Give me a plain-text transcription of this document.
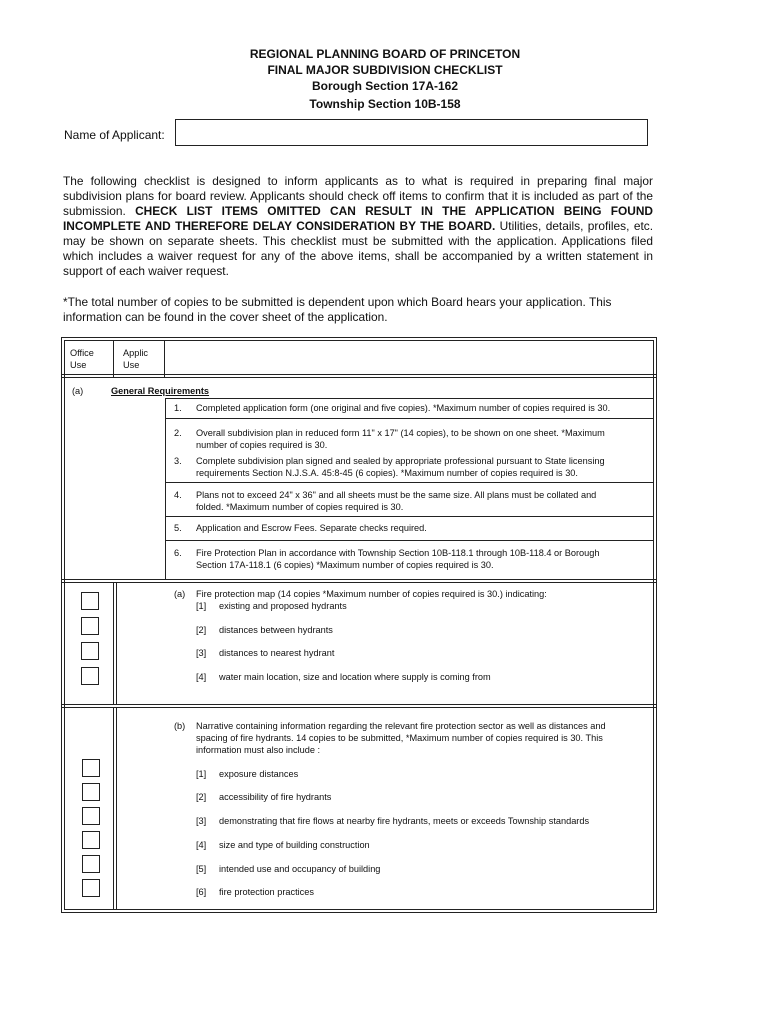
REGIONAL PLANNING BOARD OF PRINCETON
FINAL MAJOR SUBDIVISION CHECKLIST
Borough Section 17A-162
Township Section 10B-158
Name of Applicant:
The following checklist is designed to inform applicants as to what is required in preparing final major subdivision plans for board review. Applicants should check off items to confirm that it is included as part of the submission. CHECK LIST ITEMS OMITTED CAN RESULT IN THE APPLICATION BEING FOUND INCOMPLETE AND THEREFORE DELAY CONSIDERATION BY THE BOARD. Utilities, details, profiles, etc. may be shown on separate sheets. This checklist must be submitted with the application. Applications filed which includes a waiver request for any of the above items, shall be accompanied by a written statement in support of each waiver request.
*The total number of copies to be submitted is dependent upon which Board hears your application. This information can be found in the cover sheet of the application.
Office
Use
Applic
Use
(a)	General Requirements
1. Completed application form (one original and five copies). *Maximum number of copies required is 30.
2. Overall subdivision plan in reduced form 11" x 17" (14 copies), to be shown on one sheet. *Maximum
number of copies required is 30.
3. Complete subdivision plan signed and sealed by appropriate professional pursuant to State licensing
requirements Section N.J.S.A. 45:8-45 (6 copies). *Maximum number of copies required is 30.
4. Plans not to exceed 24" x 36" and all sheets must be the same size. All plans must be collated and
folded. *Maximum number of copies required is 30.
5. Application and Escrow Fees. Separate checks required.
6. Fire Protection Plan in accordance with Township Section 10B-118.1 through 10B-118.4 or Borough
Section 17A-118.1 (6 copies) *Maximum number of copies required is 30.
(a) Fire protection map (14 copies *Maximum number of copies required is 30.) indicating:
[1] existing and proposed hydrants
[2] distances between hydrants
[3] distances to nearest hydrant
[4] water main location, size and location where supply is coming from
(b) Narrative containing information regarding the relevant fire protection sector as well as distances and
spacing of fire hydrants. 14 copies to be submitted, *Maximum number of copies required is 30. This
information must also include :
[1] exposure distances
[2] accessibility of fire hydrants
[3] demonstrating that fire flows at nearby fire hydrants, meets or exceeds Township standards
[4] size and type of building construction
[5] intended use and occupancy of building
[6] fire protection practices
